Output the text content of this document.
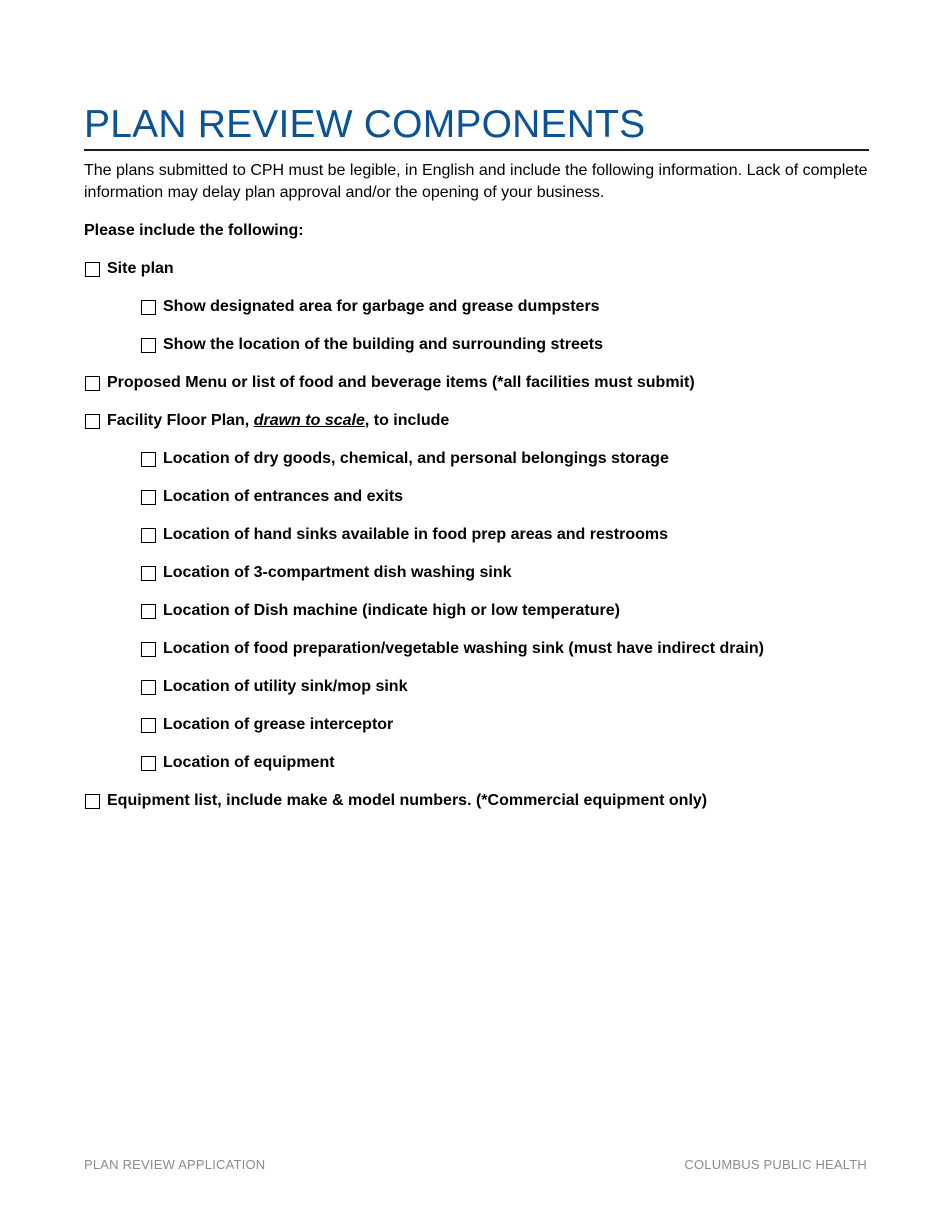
PLAN REVIEW COMPONENTS

The plans submitted to CPH must be legible, in English and include the following information. Lack of complete information may delay plan approval and/or the opening of your business.

Please include the following:

Site plan
Show designated area for garbage and grease dumpsters
Show the location of the building and surrounding streets
Proposed Menu or list of food and beverage items (*all facilities must submit)
Facility Floor Plan, drawn to scale, to include
Location of dry goods, chemical, and personal belongings storage
Location of entrances and exits
Location of hand sinks available in food prep areas and restrooms
Location of 3-compartment dish washing sink
Location of Dish machine (indicate high or low temperature)
Location of food preparation/vegetable washing sink (must have indirect drain)
Location of utility sink/mop sink
Location of grease interceptor
Location of equipment
Equipment list, include make & model numbers. (*Commercial equipment only)
PLAN REVIEW APPLICATION	COLUMBUS PUBLIC HEALTH
